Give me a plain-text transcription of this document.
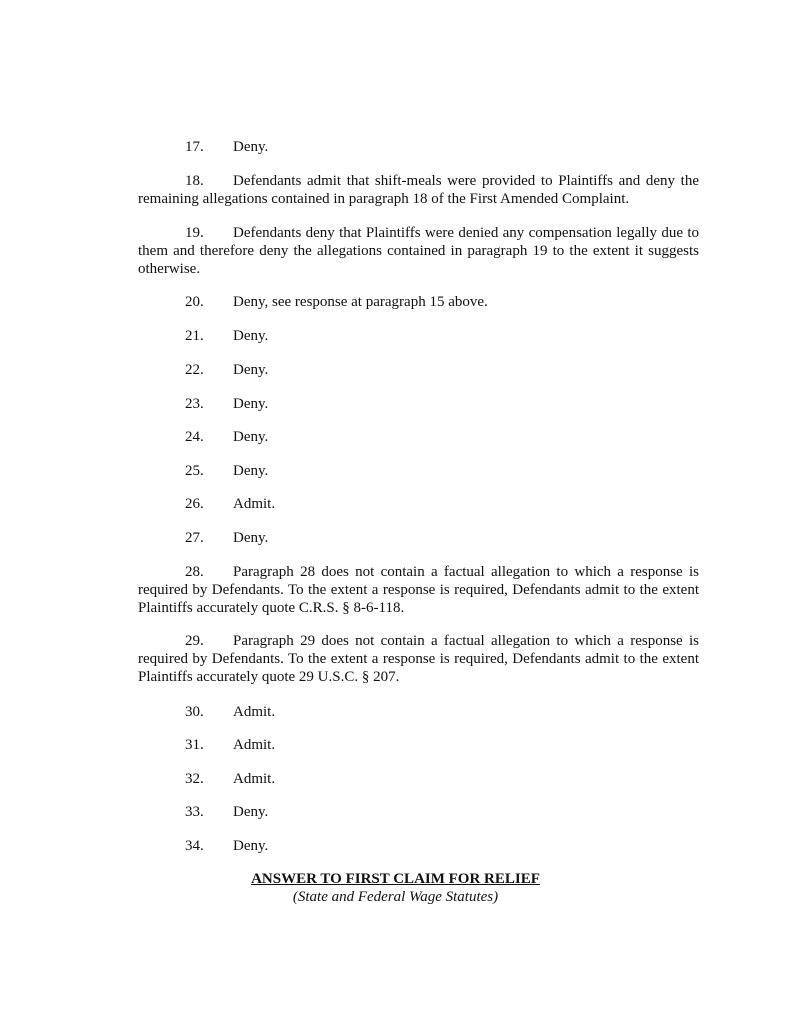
17. Deny.

18. Defendants admit that shift-meals were provided to Plaintiffs and deny the remaining allegations contained in paragraph 18 of the First Amended Complaint.

19. Defendants deny that Plaintiffs were denied any compensation legally due to them and therefore deny the allegations contained in paragraph 19 to the extent it suggests otherwise.

20. Deny, see response at paragraph 15 above.

21. Deny.

22. Deny.

23. Deny.

24. Deny.

25. Deny.

26. Admit.

27. Deny.

28. Paragraph 28 does not contain a factual allegation to which a response is required by Defendants. To the extent a response is required, Defendants admit to the extent Plaintiffs accurately quote C.R.S. § 8-6-118.

29. Paragraph 29 does not contain a factual allegation to which a response is required by Defendants. To the extent a response is required, Defendants admit to the extent Plaintiffs accurately quote 29 U.S.C. § 207.

30. Admit.

31. Admit.

32. Admit.

33. Deny.

34. Deny.

ANSWER TO FIRST CLAIM FOR RELIEF

(State and Federal Wage Statutes)
